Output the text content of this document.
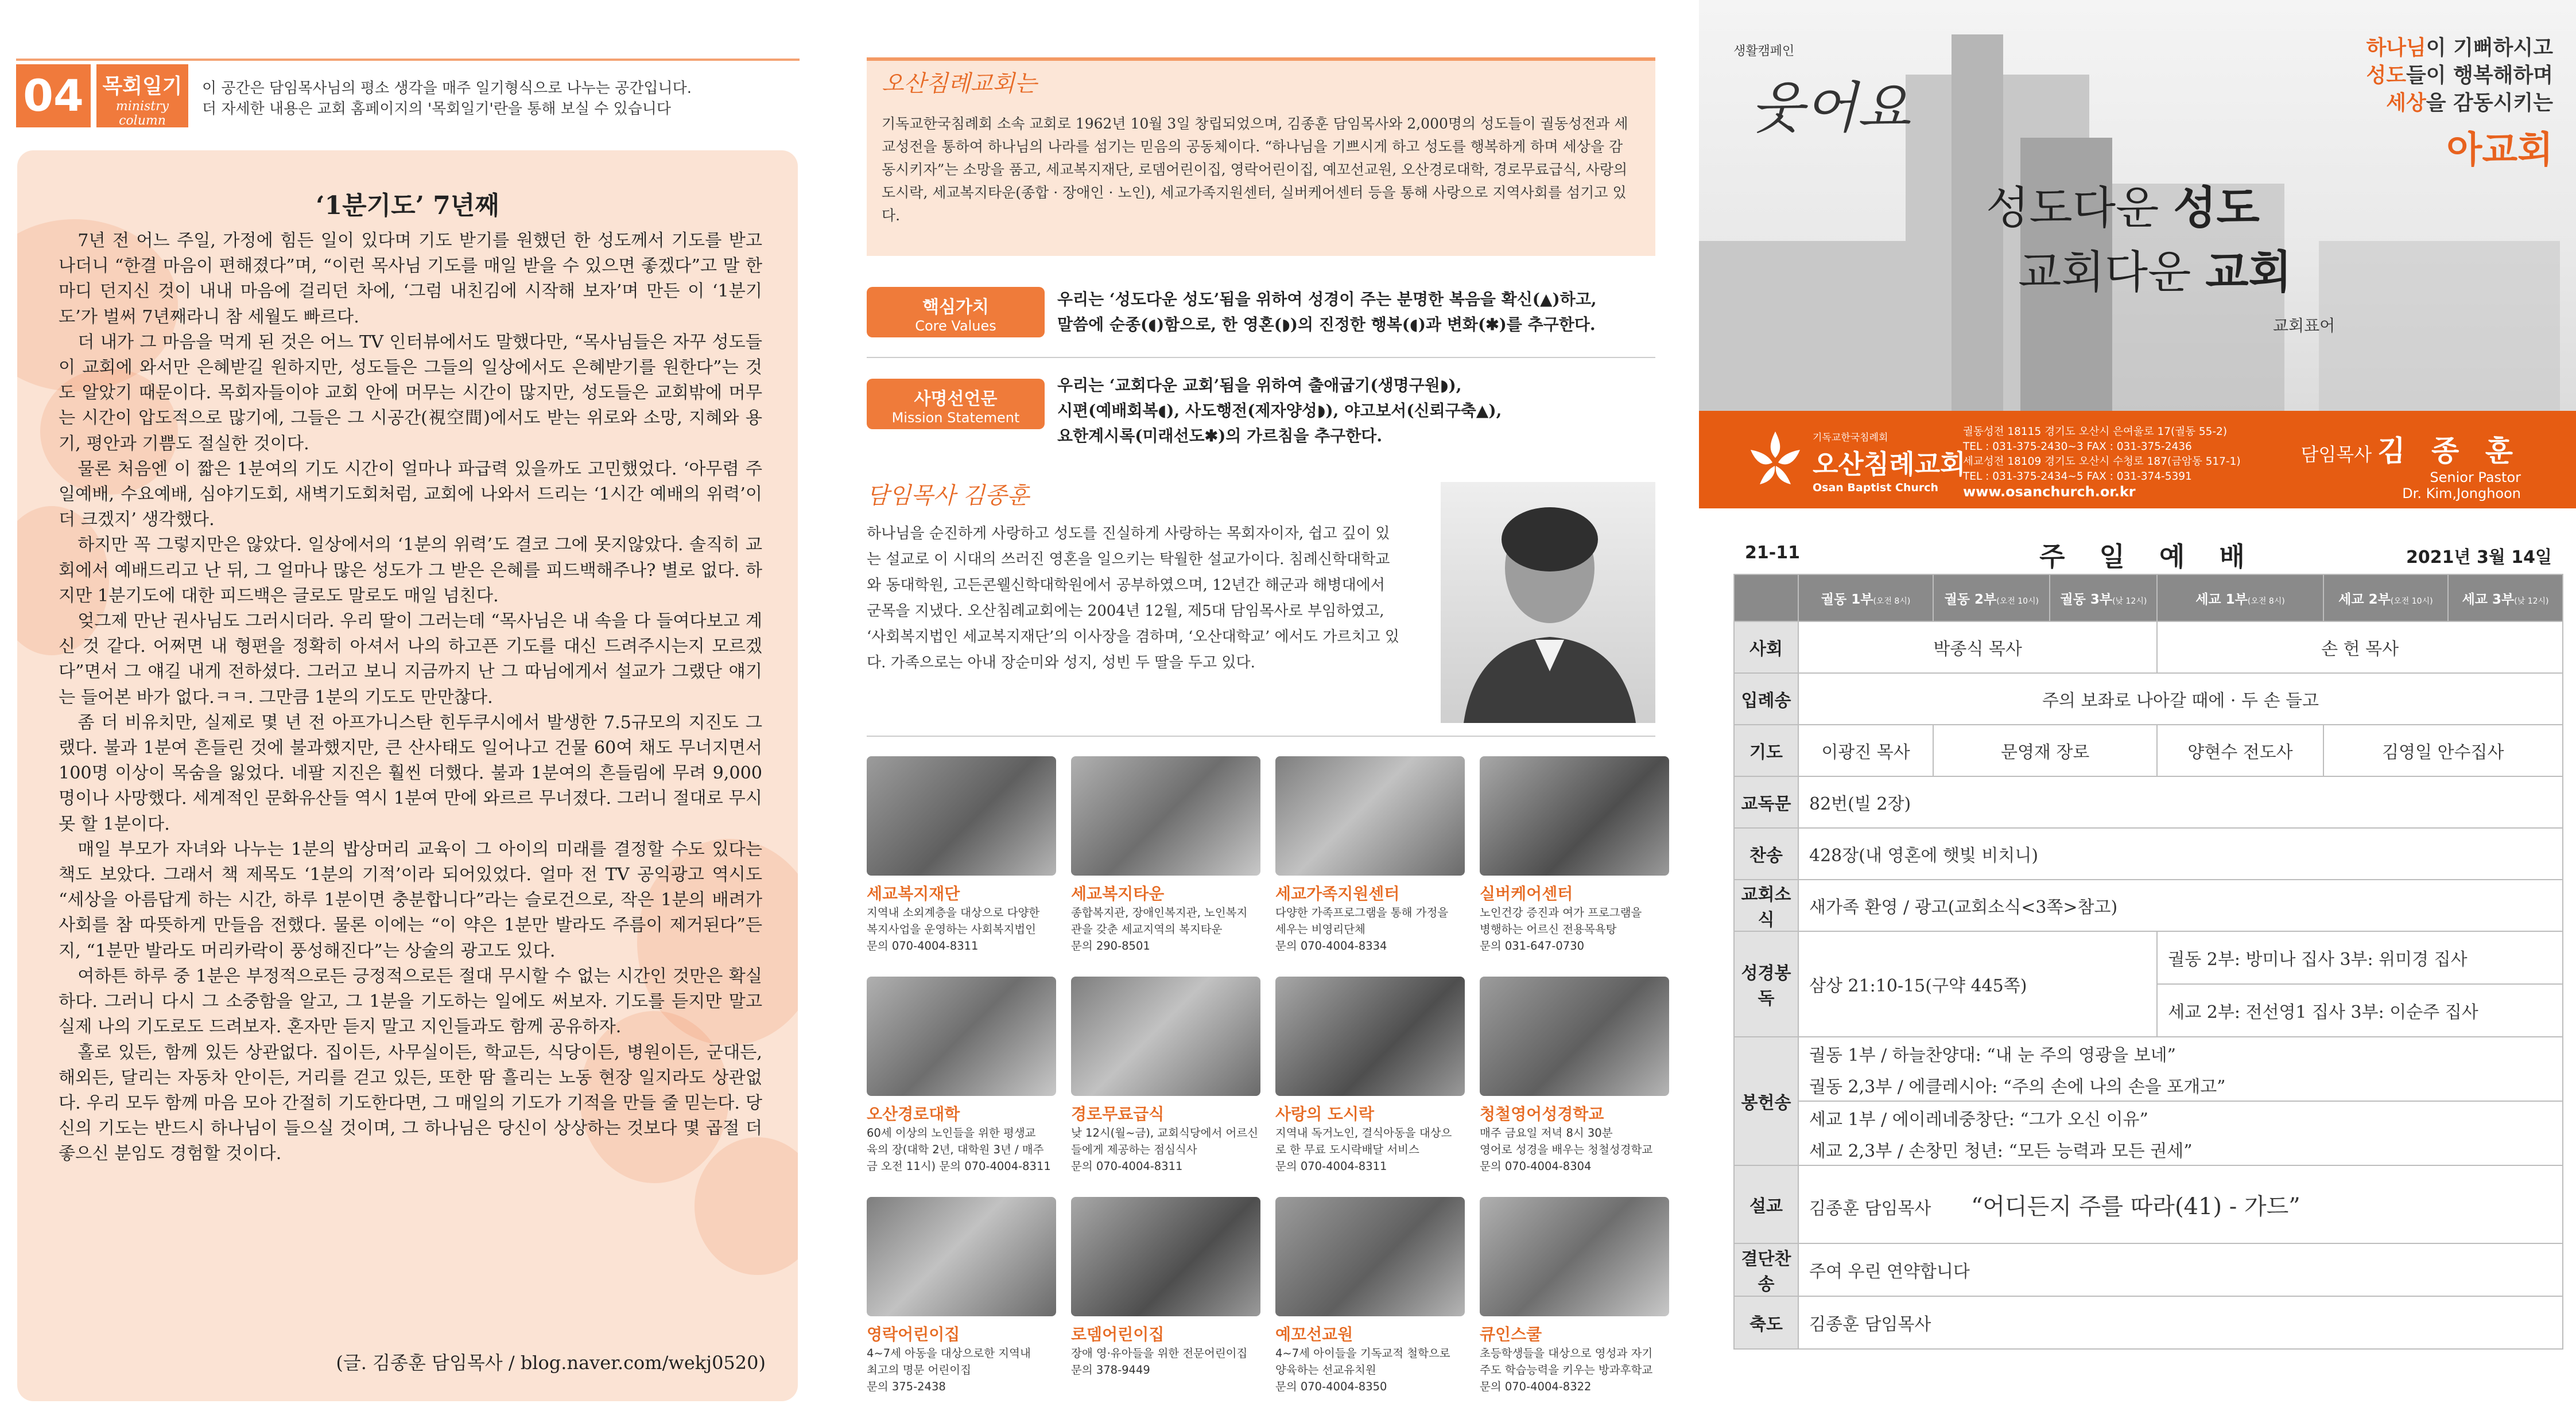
04 목회일기
ministry column
이 공간은 담임목사님의 평소 생각을 매주 일기형식으로 나누는 공간입니다.
더 자세한 내용은 교회 홈페이지의 '목회일기'란을 통해 보실 수 있습니다
‘1분기도’ 7년째

7년 전 어느 주일, 가정에 힘든 일이 있다며 기도 받기를 원했던 한 성도께서 기도를 받고 나더니 “한결 마음이 편해졌다”며, “이런 목사님 기도를 매일 받을 수 있으면 좋겠다”고 말 한마디 던지신 것이 내내 마음에 걸리던 차에, ‘그럼 내친김에 시작해 보자’며 만든 이 ‘1분기도’가 벌써 7년째라니 참 세월도 빠르다.

더 내가 그 마음을 먹게 된 것은 어느 TV 인터뷰에서도 말했다만, “목사님들은 자꾸 성도들이 교회에 와서만 은혜받길 원하지만, 성도들은 그들의 일상에서도 은혜받기를 원한다”는 것도 알았기 때문이다. 목회자들이야 교회 안에 머무는 시간이 많지만, 성도들은 교회밖에 머무는 시간이 압도적으로 많기에, 그들은 그 시공간(視空間)에서도 받는 위로와 소망, 지혜와 용기, 평안과 기쁨도 절실한 것이다.

물론 처음엔 이 짧은 1분여의 기도 시간이 얼마나 파급력 있을까도 고민했었다. ‘아무렴 주일예배, 수요예배, 심야기도회, 새벽기도회처럼, 교회에 나와서 드리는 ‘1시간 예배의 위력’이 더 크겠지’ 생각했다.

하지만 꼭 그렇지만은 않았다. 일상에서의 ‘1분의 위력’도 결코 그에 못지않았다. 솔직히 교회에서 예배드리고 난 뒤, 그 얼마나 많은 성도가 그 받은 은혜를 피드백해주나? 별로 없다. 하지만 1분기도에 대한 피드백은 글로도 말로도 매일 넘친다.

엊그제 만난 권사님도 그러시더라. 우리 딸이 그러는데 “목사님은 내 속을 다 들여다보고 계신 것 같다. 어쩌면 내 형편을 정확히 아셔서 나의 하고픈 기도를 대신 드려주시는지 모르겠다”면서 그 얘길 내게 전하셨다. 그러고 보니 지금까지 난 그 따님에게서 설교가 그랬단 얘기는 들어본 바가 없다.ㅋㅋ. 그만큼 1분의 기도도 만만찮다.

좀 더 비유치만, 실제로 몇 년 전 아프가니스탄 힌두쿠시에서 발생한 7.5규모의 지진도 그랬다. 불과 1분여 흔들린 것에 불과했지만, 큰 산사태도 일어나고 건물 60여 채도 무너지면서 100명 이상이 목숨을 잃었다. 네팔 지진은 훨씬 더했다. 불과 1분여의 흔들림에 무려 9,000명이나 사망했다. 세계적인 문화유산들 역시 1분여 만에 와르르 무너졌다. 그러니 절대로 무시 못 할 1분이다.

매일 부모가 자녀와 나누는 1분의 밥상머리 교육이 그 아이의 미래를 결정할 수도 있다는 책도 보았다. 그래서 책 제목도 ‘1분의 기적’이라 되어있었다. 얼마 전 TV 공익광고 역시도 “세상을 아름답게 하는 시간, 하루 1분이면 충분합니다”라는 슬로건으로, 작은 1분의 배려가 사회를 참 따뜻하게 만들음 전했다. 물론 이에는 “이 약은 1분만 발라도 주름이 제거된다”든지, “1분만 발라도 머리카락이 풍성해진다”는 상술의 광고도 있다.

여하튼 하루 중 1분은 부정적으로든 긍정적으로든 절대 무시할 수 없는 시간인 것만은 확실하다. 그러니 다시 그 소중함을 알고, 그 1분을 기도하는 일에도 써보자. 기도를 듣지만 말고 실제 나의 기도로도 드려보자. 혼자만 듣지 말고 지인들과도 함께 공유하자.

홀로 있든, 함께 있든 상관없다. 집이든, 사무실이든, 학교든, 식당이든, 병원이든, 군대든, 해외든, 달리는 자동차 안이든, 거리를 걷고 있든, 또한 땀 흘리는 노동 현장 일지라도 상관없다. 우리 모두 함께 마음 모아 간절히 기도한다면, 그 매일의 기도가 기적을 만들 줄 믿는다. 당신의 기도는 반드시 하나님이 들으실 것이며, 그 하나님은 당신이 상상하는 것보다 몇 곱절 더 좋으신 분임도 경험할 것이다.

(글. 김종훈 담임목사 / blog.naver.com/wekj0520)
오산침례교회는
기독교한국침례회 소속 교회로 1962년 10월 3일 창립되었으며, 김종훈 담임목사와 2,000명의 성도들이 궐동성전과 세교성전을 통하여 하나님의 나라를 섬기는 믿음의 공동체이다. “하나님을 기쁘시게 하고 성도를 행복하게 하며 세상을 감동시키자”는 소망을 품고, 세교복지재단, 로뎀어린이집, 영락어린이집, 예꼬선교원, 오산경로대학, 경로무료급식, 사랑의도시락, 세교복지타운(종합 · 장애인 · 노인), 세교가족지원센터, 실버케어센터 등을 통해 사랑으로 지역사회를 섬기고 있다.
핵심가치
Core Values
우리는 ‘성도다운 성도’됨을 위하여 성경이 주는 분명한 복음을 확신(▲)하고,
말씀에 순종(◖)함으로, 한 영혼(◗)의 진정한 행복(◖)과 변화(✱)를 추구한다.
사명선언문
Mission Statement
우리는 ‘교회다운 교회’됨을 위하여 출애굽기(생명구원◗),
시편(예배회복◖), 사도행전(제자양성◗), 야고보서(신뢰구축▲),
요한계시록(미래선도✱)의 가르침을 추구한다.
담임목사 김종훈
하나님을 순진하게 사랑하고 성도를 진실하게 사랑하는 목회자이자, 쉽고 깊이 있는 설교로 이 시대의 쓰러진 영혼을 일으키는 탁월한 설교가이다. 침례신학대학교와 동대학원, 고든콘웰신학대학원에서 공부하였으며, 12년간 해군과 해병대에서 군목을 지냈다. 오산침례교회에는 2004년 12월, 제5대 담임목사로 부임하였고, ‘사회복지법인 세교복지재단’의 이사장을 겸하며, ‘오산대학교’ 에서도 가르치고 있다. 가족으로는 아내 장순미와 성지, 성빈 두 딸을 두고 있다.
세교복지재단
지역내 소외계층을 대상으로 다양한
복지사업을 운영하는 사회복지법인
문의 070-4004-8311
세교복지타운
종합복지관, 장애인복지관, 노인복지
관을 갖춘 세교지역의 복지타운
문의 290-8501
세교가족지원센터
다양한 가족프로그램을 통해 가정을
세우는 비영리단체
문의 070-4004-8334
실버케어센터
노인건강 증진과 여가 프로그램을
병행하는 어르신 전용목욕탕
문의 031-647-0730
오산경로대학
60세 이상의 노인들을 위한 평생교
육의 장(대학 2년, 대학원 3년 / 매주
금 오전 11시) 문의 070-4004-8311
경로무료급식
낮 12시(월~금), 교회식당에서 어르신
들에게 제공하는 점심식사
문의 070-4004-8311
사랑의 도시락
지역내 독거노인, 결식아동을 대상으
로 한 무료 도시락배달 서비스
문의 070-4004-8311
청철영어성경학교
매주 금요일 저녁 8시 30분
영어로 성경을 배우는 청철성경학교
문의 070-4004-8304
영락어린이집
4~7세 아동을 대상으로한 지역내
최고의 명문 어린이집
문의 375-2438
로뎀어린이집
장애 영·유아들을 위한 전문어린이집
문의 378-9449
예꼬선교원
4~7세 아이들을 기독교적 철학으로
양육하는 선교유치원
문의 070-4004-8350
큐인스쿨
초등학생들을 대상으로 영성과 자기
주도 학습능력을 키우는 방과후학교
문의 070-4004-8322
생활캠페인
웃어요
하나님이 기뻐하시고
성도들이 행복해하며
세상을 감동시키는
아교회
성도다운 성도
교회다운 교회
교회표어
기독교한국침례회
오산침례교회
Osan Baptist Church
궐동성전 18115 경기도 오산시 은여울로 17(궐동 55-2)
TEL : 031-375-2430~3 FAX : 031-375-2436
세교성전 18109 경기도 오산시 수청로 187(금암동 517-1)
TEL : 031-375-2434~5 FAX : 031-374-5391
www.osanchurch.or.kr
담임목사 김 종 훈
Senior Pastor
Dr. Kim,Jonghoon
21-11	주 일 예 배	2021년 3월 14일
	궐동 1부(오전 8시)	궐동 2부(오전 10시)	궐동 3부(낮 12시)	세교 1부(오전 8시)	세교 2부(오전 10시)	세교 3부(낮 12시)
사회	박종식 목사			손 헌 목사		
입례송	주의 보좌로 나아갈 때에 · 두 손 들고					
기도	이광진 목사	문영재 장로		양현수 전도사	김영일 안수집사	
교독문	82번(빌 2장)					
찬송	428장(내 영혼에 햇빛 비치니)					
교회소식	새가족 환영 / 광고(교회소식<3쪽>참고)					
성경봉독	삼상 21:10-15(구약 445쪽)			궐동 2부: 방미나 집사 3부: 위미경 집사		
				세교 2부: 전선영1 집사 3부: 이순주 집사		
봉헌송	궐동 1부 / 하늘찬양대: “내 눈 주의 영광을 보네”					
	궐동 2,3부 / 에클레시아: “주의 손에 나의 손을 포개고”					
	세교 1부 / 에이레네중창단: “그가 오신 이유”					
	세교 2,3부 / 손창민 청년: “모든 능력과 모든 권세”					
설교	김종훈 담임목사 “어디든지 주를 따라(41) - 가드”					
결단찬송	주여 우린 연약합니다					
축도	김종훈 담임목사					
